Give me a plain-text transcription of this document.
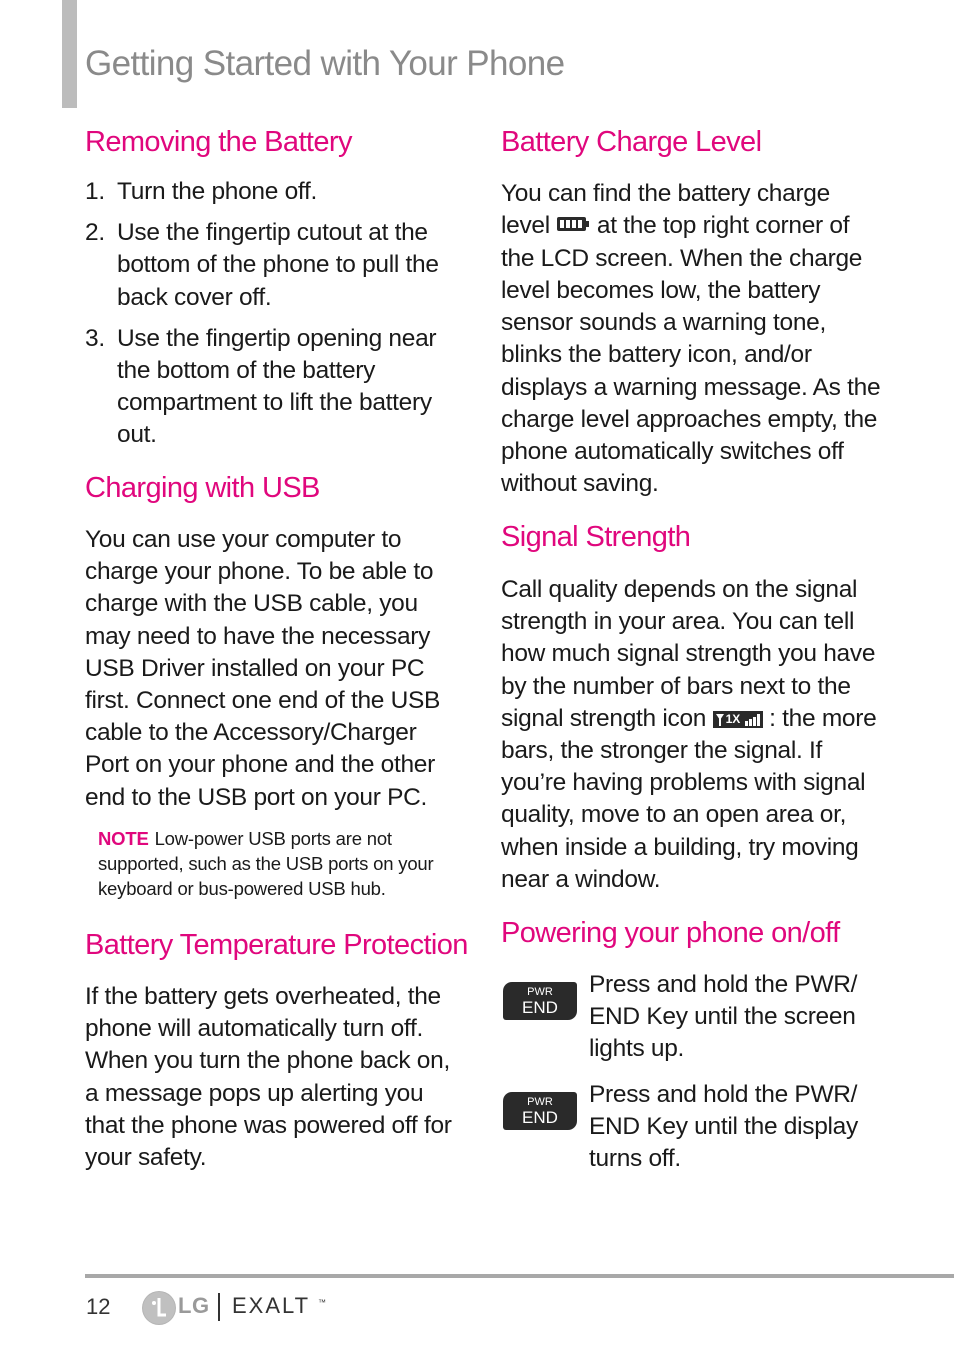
Getting Started with Your Phone
Removing the Battery
1. Turn the phone off.
2. Use the fingertip cutout at the bottom of the phone to pull the back cover off.
3. Use the fingertip opening near the bottom of the battery compartment to lift the battery out.
Charging with USB
You can use your computer to charge your phone. To be able to charge with the USB cable, you may need to have the necessary USB Driver installed on your PC first. Connect one end of the USB cable to the Accessory/Charger Port on your phone and the other end to the USB port on your PC.
NOTE Low-power USB ports are not supported, such as the USB ports on your keyboard or bus-powered USB hub.
Battery Temperature Protection
If the battery gets overheated, the phone will automatically turn off. When you turn the phone back on, a message pops up alerting you that the phone was powered off for your safety.
Battery Charge Level
You can find the battery charge level at the top right corner of the LCD screen. When the charge level becomes low, the battery sensor sounds a warning tone, blinks the battery icon, and/or displays a warning message. As the charge level approaches empty, the phone automatically switches off without saving.
Signal Strength
Call quality depends on the signal strength in your area. You can tell how much signal strength you have by the number of bars next to the signal strength icon 1X : the more bars, the stronger the signal. If you’re having problems with signal quality, move to an open area or, when inside a building, try moving near a window.
Powering your phone on/off
PWR
END
Press and hold the PWR/ END Key until the screen lights up.
PWR
END
Press and hold the PWR/ END Key until the display turns off.
12	LG EXALT ™
